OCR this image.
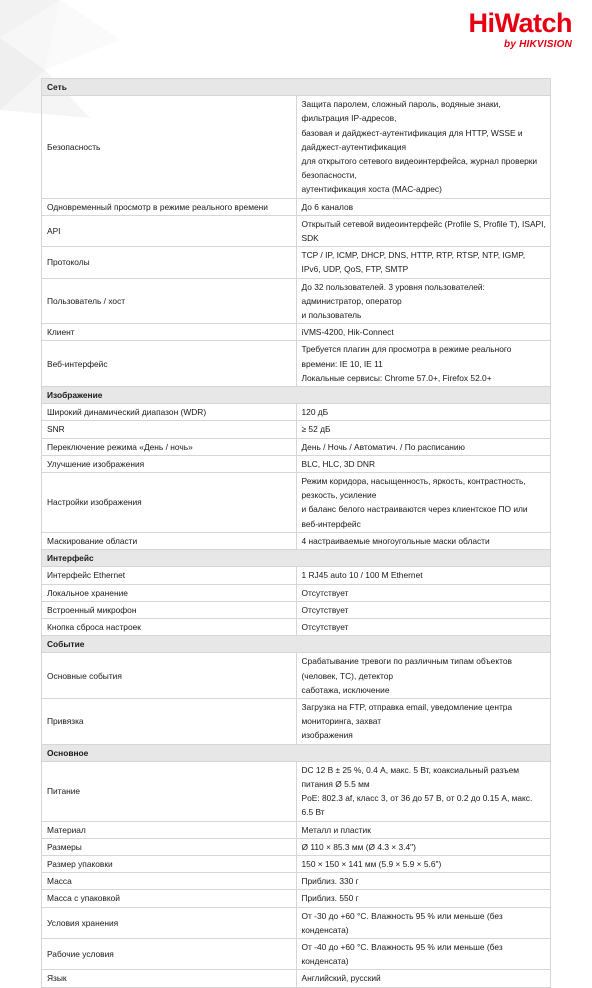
HiWatch
by HIKVISION
Сеть	
Безопасность	Защита паролем, сложный пароль, водяные знаки, фильтрация IP-адресов,
базовая и дайджест-аутентификация для HTTP, WSSE и дайджест-аутентификация
для открытого сетевого видеоинтерфейса, журнал проверки безопасности,
аутентификация хоста (MAC-адрес)
Одновременный просмотр в режиме реального времени	До 6 каналов
API	Открытый сетевой видеоинтерфейс (Profile S, Profile T), ISAPI, SDK
Протоколы	TCP / IP, ICMP, DHCP, DNS, HTTP, RTP, RTSP, NTP, IGMP, IPv6, UDP, QoS, FTP, SMTP
Пользователь / хост	До 32 пользователей. 3 уровня пользователей: администратор, оператор
и пользователь
Клиент	iVMS-4200, Hik-Connect
Веб-интерфейс	Требуется плагин для просмотра в режиме реального времени: IE 10, IE 11
Локальные сервисы: Chrome 57.0+, Firefox 52.0+
Изображение	
Широкий динамический диапазон (WDR)	120 дБ
SNR	≥ 52 дБ
Переключение режима «День / ночь»	День / Ночь / Автоматич. / По расписанию
Улучшение изображения	BLC, HLC, 3D DNR
Настройки изображения	Режим коридора, насыщенность, яркость, контрастность, резкость, усиление
и баланс белого настраиваются через клиентское ПО или веб-интерфейс
Маскирование области	4 настраиваемые многоугольные маски области
Интерфейс	
Интерфейс Ethernet	1 RJ45 auto 10 / 100 M Ethernet
Локальное хранение	Отсутствует
Встроенный микрофон	Отсутствует
Кнопка сброса настроек	Отсутствует
Событие	
Основные события	Срабатывание тревоги по различным типам объектов (человек, ТС), детектор
саботажа, исключение
Привязка	Загрузка на FTP, отправка email, уведомление центра мониторинга, захват
изображения
Основное	
Питание	DC 12 В ± 25 %, 0.4 А, макс. 5 Вт, коаксиальный разъем питания Ø 5.5 мм
PoE: 802.3 af, класс 3, от 36 до 57 В, от 0.2 до 0.15 А, макс. 6.5 Вт
Материал	Металл и пластик
Размеры	Ø 110 × 85.3 мм (Ø 4.3 × 3.4")
Размер упаковки	150 × 150 × 141 мм (5.9 × 5.9 × 5.6")
Масса	Приблиз. 330 г
Масса с упаковкой	Приблиз. 550 г
Условия хранения	От -30 до +60 °С. Влажность 95 % или меньше (без конденсата)
Рабочие условия	От -40 до +60 °С. Влажность 95 % или меньше (без конденсата)
Язык	Английский, русский
